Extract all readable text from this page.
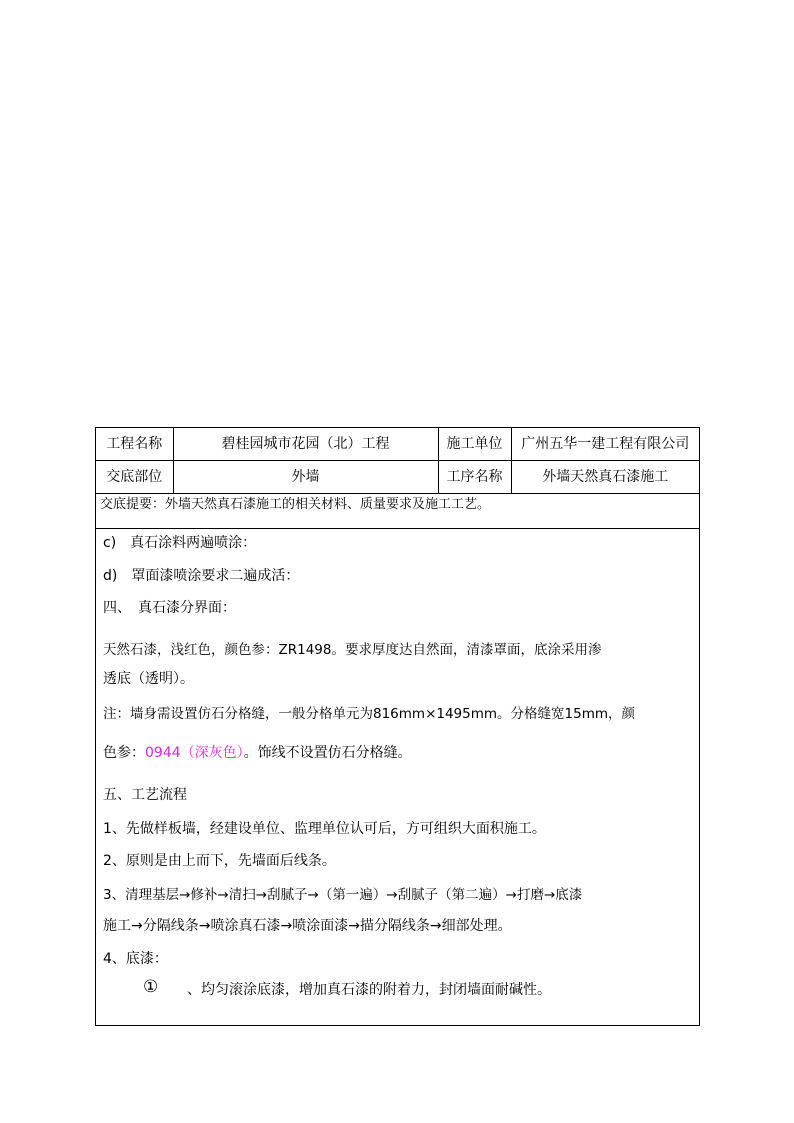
工程名称	碧桂园城市花园（北）工程	施工单位	广州五华一建工程有限公司
交底部位	外墙	工序名称	外墙天然真石漆施工
交底提要：外墙天然真石漆施工的相关材料、质量要求及施工工艺。
c)　真石涂料两遍喷涂：
d)　罩面漆喷涂要求二遍成活：
四、　真石漆分界面：
天然石漆，浅红色，颜色参：ZR1498。要求厚度达自然面，清漆罩面，底涂采用渗
透底（透明）。
注：墙身需设置仿石分格缝，一般分格单元为816mm×1495mm。分格缝宽15mm，颜
色参：0944（深灰色）。饰线不设置仿石分格缝。
五、工艺流程
1、先做样板墙，经建设单位、监理单位认可后，方可组织大面积施工。
2、原则是由上而下，先墙面后线条。
3、清理基层→修补→清扫→刮腻子→（第一遍）→刮腻子（第二遍）→打磨→底漆
施工→分隔线条→喷涂真石漆→喷涂面漆→描分隔线条→细部处理。
4、底漆：
① 、均匀滚涂底漆，增加真石漆的附着力，封闭墙面耐碱性。
